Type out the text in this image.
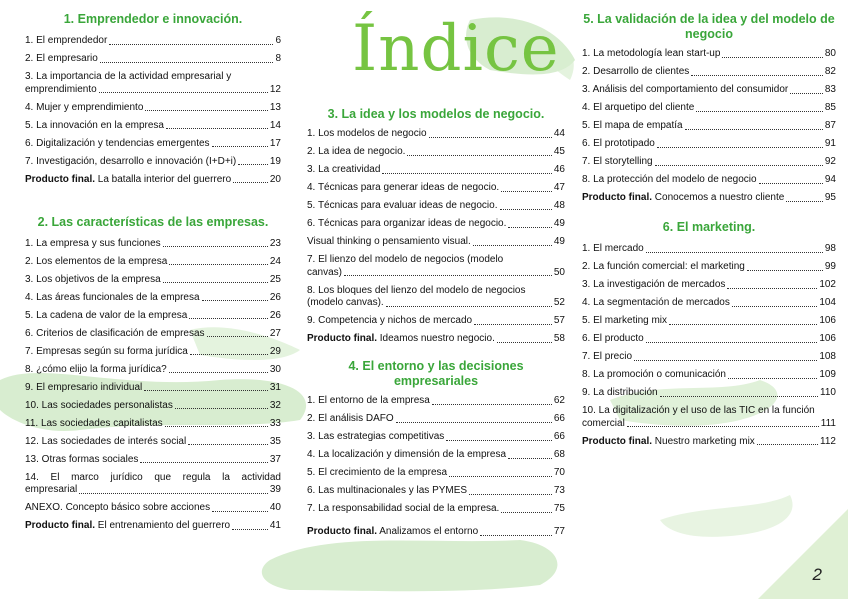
Índice
1. Emprendedor e innovación.
1. El emprendedor	6
2. El empresario	8
3. La importancia de la actividad empresarial y
emprendimiento	12
4. Mujer y emprendimiento	13
5. La innovación en la empresa	14
6. Digitalización y tendencias emergentes	17
7. Investigación, desarrollo e innovación (I+D+i)	19
Producto final. La batalla interior del guerrero	20
2. Las características de las empresas.
1. La empresa y sus funciones	23
2. Los elementos de la empresa	24
3. Los objetivos de la empresa	25
4. Las áreas funcionales de la empresa	26
5. La cadena de valor de la empresa	26
6. Criterios de clasificación de empresas	27
7. Empresas según su forma jurídica	29
8. ¿cómo elijo la forma jurídica?	30
9. El empresario individual	31
10. Las sociedades personalistas	32
11. Las sociedades capitalistas	33
12. Las sociedades de interés social	35
13. Otras formas sociales	37
14. El marco jurídico que regula la actividad
empresarial	39
ANEXO. Concepto básico sobre acciones	40
Producto final. El entrenamiento del guerrero	41
3. La idea y los modelos de negocio.
1. Los modelos de negocio	44
2. La idea de negocio.	45
3. La creatividad	46
4. Técnicas para generar ideas de negocio.	47
5. Técnicas para evaluar ideas de negocio.	48
6. Técnicas para organizar ideas de negocio.	49
Visual thinking o pensamiento visual.	49
7. El lienzo del modelo de negocios (modelo
canvas)	50
8. Los bloques del lienzo del modelo de negocios
(modelo canvas).	52
9. Competencia y nichos de mercado	57
Producto final. Ideamos nuestro negocio.	58
4. El entorno y las decisiones empresariales
1. El entorno de la empresa	62
2. El análisis DAFO	66
3. Las estrategias competitivas	66
4. La localización y dimensión de la empresa	68
5. El crecimiento de la empresa	70
6. Las multinacionales y las PYMES	73
7. La responsabilidad social de la empresa.	75
Producto final. Analizamos el entorno	77
5. La validación de la idea y del modelo de negocio
1. La metodología lean start-up	80
2. Desarrollo de clientes	82
3. Análisis del comportamiento del consumidor	83
4. El arquetipo del cliente	85
5. El mapa de empatía	87
6. El prototipado	91
7. El storytelling	92
8. La protección del modelo de negocio	94
Producto final. Conocemos a nuestro cliente	95
6. El marketing.
1. El mercado	98
2. La función comercial: el marketing	99
3. La investigación de mercados	102
4. La segmentación de mercados	104
5. El marketing mix	106
6. El producto	106
7. El precio	108
8. La promoción o comunicación	109
9. La distribución	110
10. La digitalización y el uso de las TIC en la función
comercial	111
Producto final. Nuestro marketing mix	112
2
